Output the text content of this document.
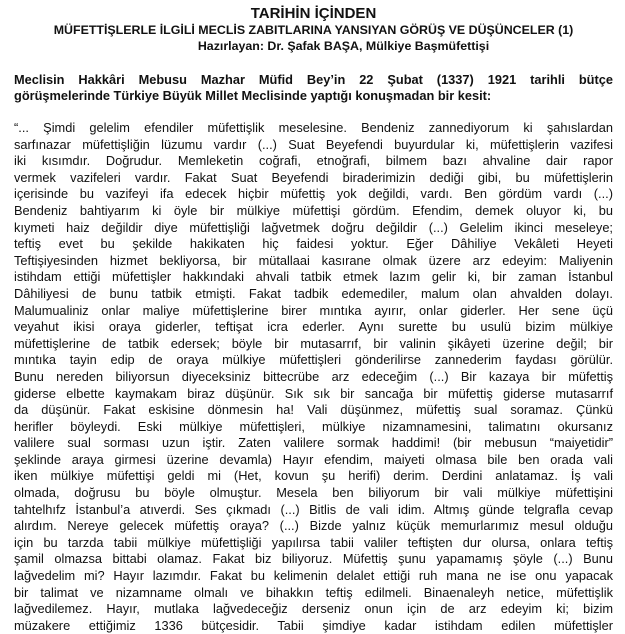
TARİHİN İÇİNDEN

MÜFETTİŞLERLE İLGİLİ MECLİS ZABITLARINA YANSIYAN GÖRÜŞ VE DÜŞÜNCELER (1)

Hazırlayan: Dr. Şafak BAŞA, Mülkiye Başmüfettişi

Meclisin Hakkâri Mebusu Mazhar Müfid Bey’in 22 Şubat (1337) 1921 tarihli bütçe
görüşmelerinde Türkiye Büyük Millet Meclisinde yaptığı konuşmadan bir kesit:

“... Şimdi gelelim efendiler müfettişlik meselesine. Bendeniz zannediyorum ki şahıslardan
sarfınazar müfettişliğin lüzumu vardır (...) Suat Beyefendi buyurdular ki, müfettişlerin vazifesi
iki kısımdır. Doğrudur. Memleketin coğrafi, etnoğrafi, bilmem bazı ahvaline dair rapor
vermek vazifeleri vardır. Fakat Suat Beyefendi biraderimizin dediği gibi, bu müfettişlerin
içerisinde bu vazifeyi ifa edecek hiçbir müfettiş yok değildi, vardı. Ben gördüm vardı (...)
Bendeniz bahtiyarım ki öyle bir mülkiye müfettişi gördüm. Efendim, demek oluyor ki, bu
kıymeti haiz değildir diye müfettişliği lağvetmek doğru değildir (...) Gelelim ikinci meseleye;
teftiş evet bu şekilde hakikaten hiç faidesi yoktur. Eğer Dâhiliye Vekâleti Heyeti
Teftişiyesinden hizmet bekliyorsa, bir mütallaai kasırane olmak üzere arz edeyim: Maliyenin
istihdam ettiği müfettişler hakkındaki ahvali tatbik etmek lazım gelir ki, bir zaman İstanbul
Dâhiliyesi de bunu tatbik etmişti. Fakat tadbik edemediler, malum olan ahvalden dolayı.
Malumualiniz onlar maliye müfettişlerine birer mıntıka ayırır, onlar giderler. Her sene üçü
veyahut ikisi oraya giderler, teftişat icra ederler. Aynı surette bu usulü bizim mülkiye
müfettişlerine de tatbik edersek; böyle bir mutasarrıf, bir valinin şikâyeti üzerine değil; bir
mıntıka tayin edip de oraya mülkiye müfettişleri gönderilirse zannederim faydası görülür.
Bunu nereden biliyorsun diyeceksiniz bittecrübe arz edeceğim (...) Bir kazaya bir müfettiş
giderse elbette kaymakam biraz düşünür. Sık sık bir sancağa bir müfettiş giderse mutasarrıf
da düşünür. Fakat eskisine dönmesin ha! Vali düşünmez, müfettiş sual soramaz. Çünkü
herifler böyleydi. Eski mülkiye müfettişleri, mülkiye nizamnamesini, talimatını okursanız
valilere sual sorması uzun iştir. Zaten valilere sormak haddimi! (bir mebusun “maiyetidir”
şeklinde araya girmesi üzerine devamla) Hayır efendim, maiyeti olmasa bile ben orada vali
iken mülkiye müfettişi geldi mi (Het, kovun şu herifi) derim. Derdini anlatamaz. İş vali
olmada, doğrusu bu böyle olmuştur. Mesela ben biliyorum bir vali mülkiye müfettişini
tahtelhıfz İstanbul’a atıverdi. Ses çıkmadı (...) Bitlis de vali idim. Altmış günde telgrafla cevap
alırdım. Nereye gelecek müfettiş oraya? (...) Bizde yalnız küçük memurlarımız mesul olduğu
için bu tarzda tabii mülkiye müfettişliği yapılırsa tabii valiler teftişten dur olursa, onlara teftiş
şamil olmazsa bittabi olamaz. Fakat biz biliyoruz. Müfettiş şunu yapamamış şöyle (...) Bunu
lağvedelim mi? Hayır lazımdır. Fakat bu kelimenin delalet ettiği ruh mana ne ise onu yapacak
bir talimat ve nizamname olmalı ve bihakkın teftiş edilmeli. Binaenaleyh netice, müfettişlik
lağvedilemez. Hayır, mutlaka lağvedeceğiz derseniz onun için de arz edeyim ki; bizim
müzakere ettiğimiz 1336 bütçesidir. Tabii şimdiye kadar istihdam edilen müfettişler
